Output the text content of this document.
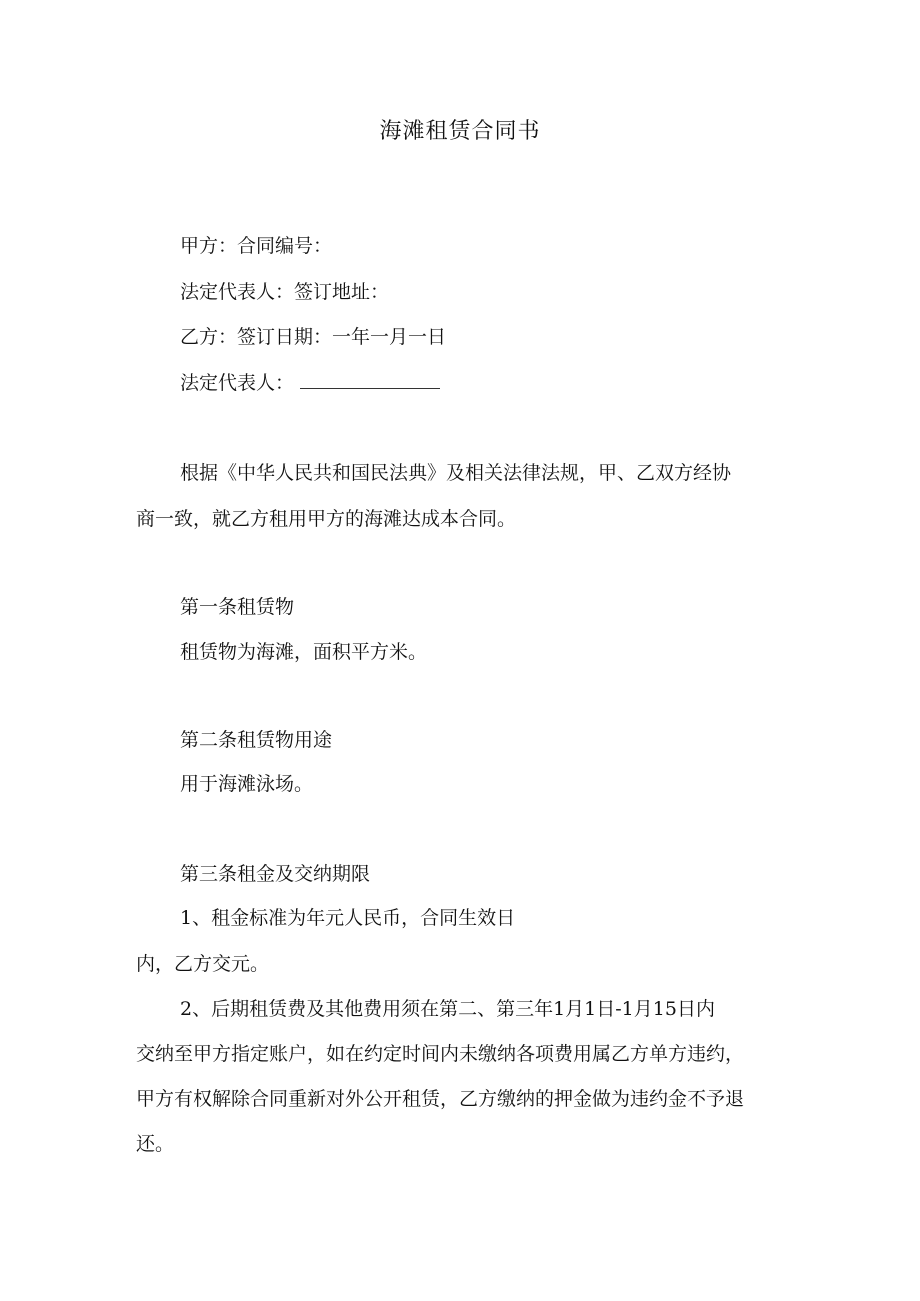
海滩租赁合同书

甲方：合同编号：

法定代表人：签订地址：

乙方：签订日期：一年一月一日

法定代表人：

根据《中华人民共和国民法典》及相关法律法规，甲、乙双方经协

商一致，就乙方租用甲方的海滩达成本合同。

第一条租赁物

租赁物为海滩，面积平方米。

第二条租赁物用途

用于海滩泳场。

第三条租金及交纳期限

1、租金标准为年元人民币，合同生效日

内，乙方交元。

2、后期租赁费及其他费用须在第二、第三年1月1日-1月15日内

交纳至甲方指定账户，如在约定时间内未缴纳各项费用属乙方单方违约，

甲方有权解除合同重新对外公开租赁，乙方缴纳的押金做为违约金不予退

还。
